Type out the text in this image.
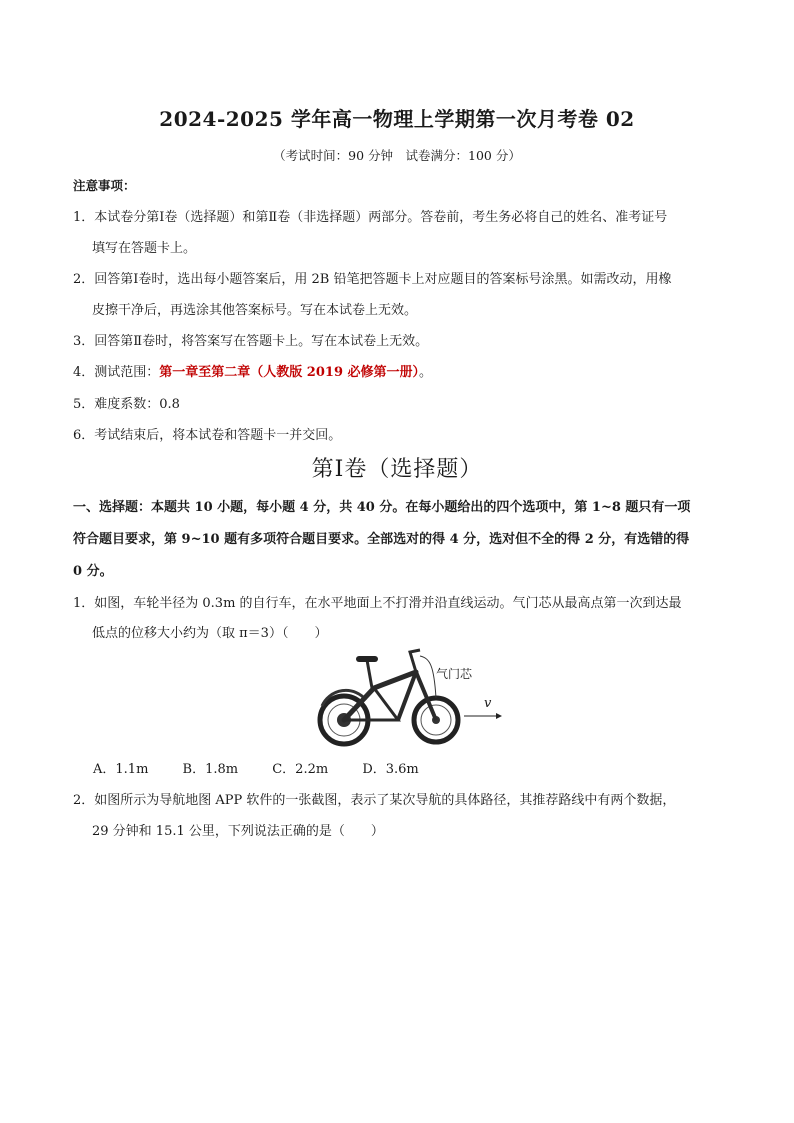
2024-2025 学年高一物理上学期第一次月考卷 02
（考试时间：90 分钟　试卷满分：100 分）
注意事项：
1．本试卷分第Ⅰ卷（选择题）和第Ⅱ卷（非选择题）两部分。答卷前，考生务必将自己的姓名、准考证号
填写在答题卡上。
2．回答第Ⅰ卷时，选出每小题答案后，用 2B 铅笔把答题卡上对应题目的答案标号涂黑。如需改动，用橡
皮擦干净后，再选涂其他答案标号。写在本试卷上无效。
3．回答第Ⅱ卷时，将答案写在答题卡上。写在本试卷上无效。
4．测试范围：第一章至第二章（人教版 2019 必修第一册）。
5．难度系数：0.8
6．考试结束后，将本试卷和答题卡一并交回。
第Ⅰ卷（选择题）
一、选择题：本题共 10 小题，每小题 4 分，共 40 分。在每小题给出的四个选项中，第 1~8 题只有一项
符合题目要求，第 9~10 题有多项符合题目要求。全部选对的得 4 分，选对但不全的得 2 分，有选错的得
0 分。
1．如图，车轮半径为 0.3m 的自行车，在水平地面上不打滑并沿直线运动。气门芯从最高点第一次到达最
低点的位移大小约为（取 π＝3）（　　）
气门芯
v
A．1.1m	B．1.8m	C．2.2m	D．3.6m
2．如图所示为导航地图 APP 软件的一张截图，表示了某次导航的具体路径，其推荐路线中有两个数据，
29 分钟和 15.1 公里，下列说法正确的是（　　）
